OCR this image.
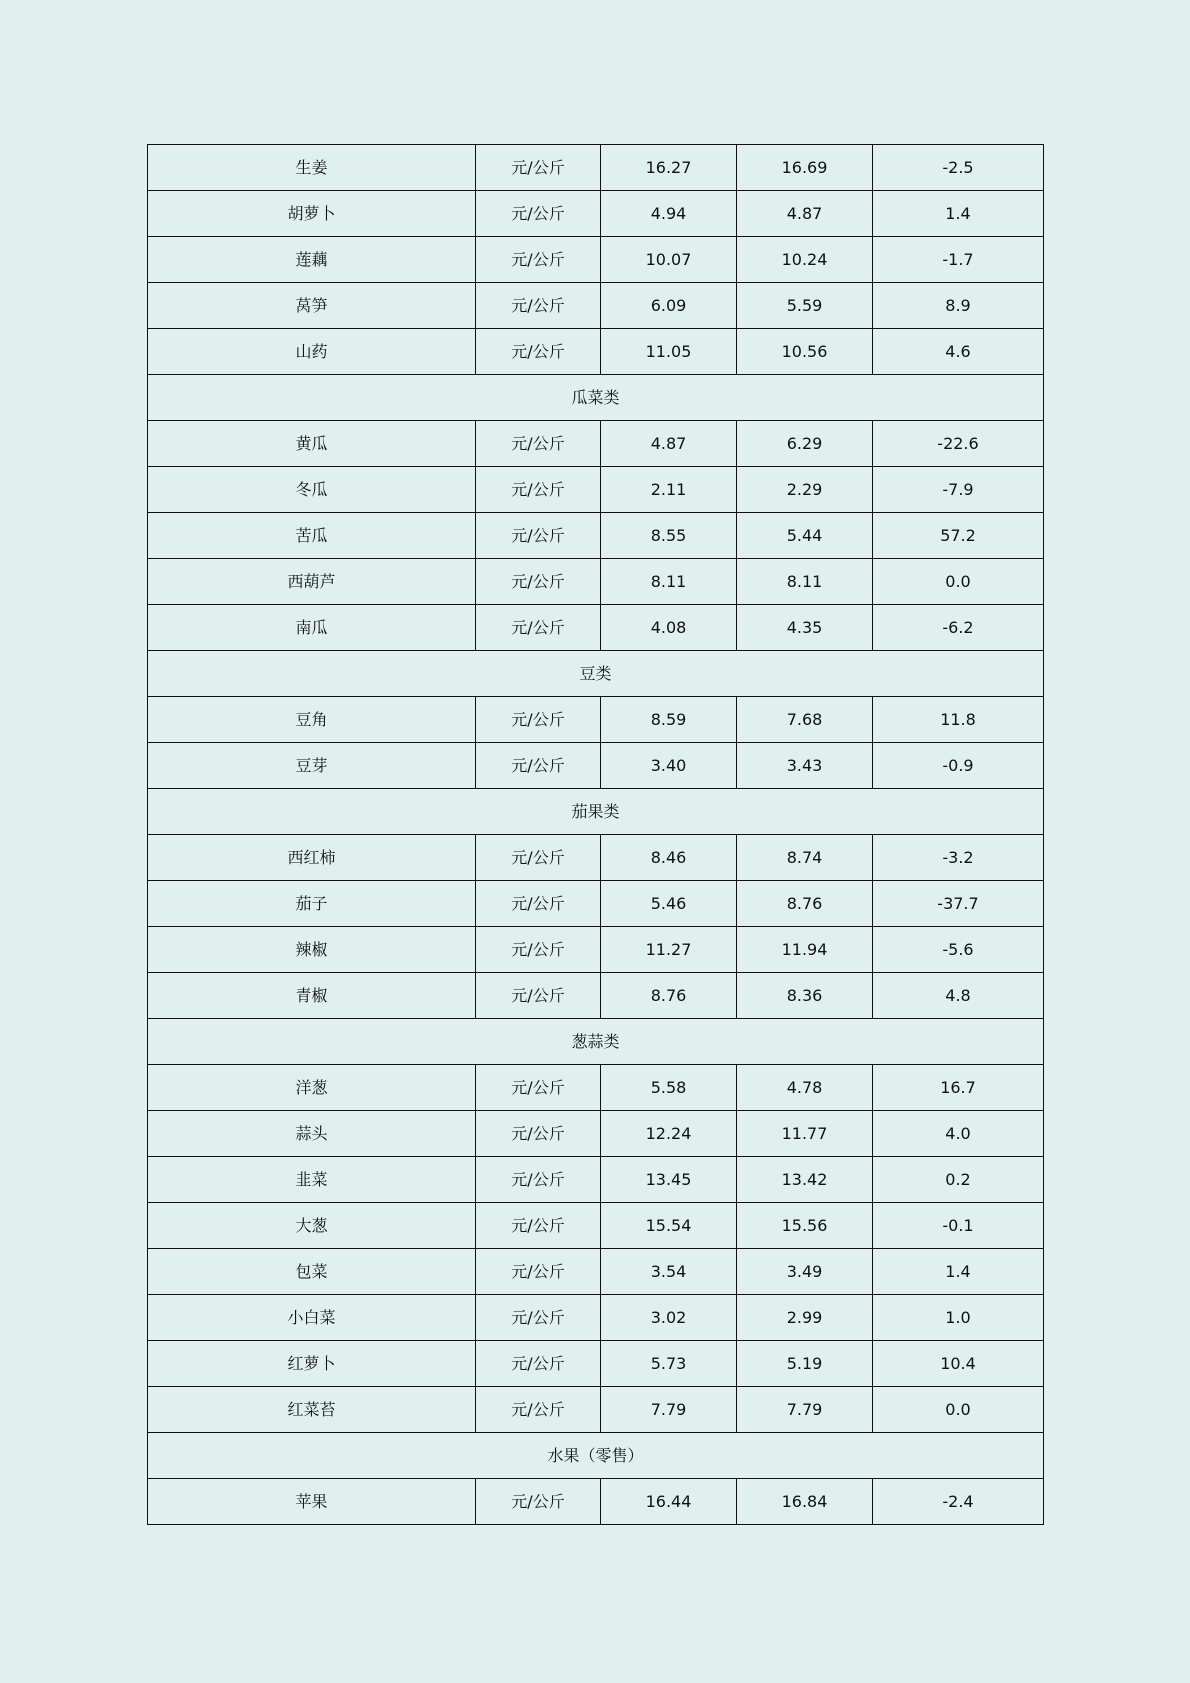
生姜	元/公斤	16.27	16.69	-2.5
胡萝卜	元/公斤	4.94	4.87	1.4
莲藕	元/公斤	10.07	10.24	-1.7
莴笋	元/公斤	6.09	5.59	8.9
山药	元/公斤	11.05	10.56	4.6
瓜菜类				
黄瓜	元/公斤	4.87	6.29	-22.6
冬瓜	元/公斤	2.11	2.29	-7.9
苦瓜	元/公斤	8.55	5.44	57.2
西葫芦	元/公斤	8.11	8.11	0.0
南瓜	元/公斤	4.08	4.35	-6.2
豆类				
豆角	元/公斤	8.59	7.68	11.8
豆芽	元/公斤	3.40	3.43	-0.9
茄果类				
西红柿	元/公斤	8.46	8.74	-3.2
茄子	元/公斤	5.46	8.76	-37.7
辣椒	元/公斤	11.27	11.94	-5.6
青椒	元/公斤	8.76	8.36	4.8
葱蒜类				
洋葱	元/公斤	5.58	4.78	16.7
蒜头	元/公斤	12.24	11.77	4.0
韭菜	元/公斤	13.45	13.42	0.2
大葱	元/公斤	15.54	15.56	-0.1
包菜	元/公斤	3.54	3.49	1.4
小白菜	元/公斤	3.02	2.99	1.0
红萝卜	元/公斤	5.73	5.19	10.4
红菜苔	元/公斤	7.79	7.79	0.0
水果（零售）				
苹果	元/公斤	16.44	16.84	-2.4
